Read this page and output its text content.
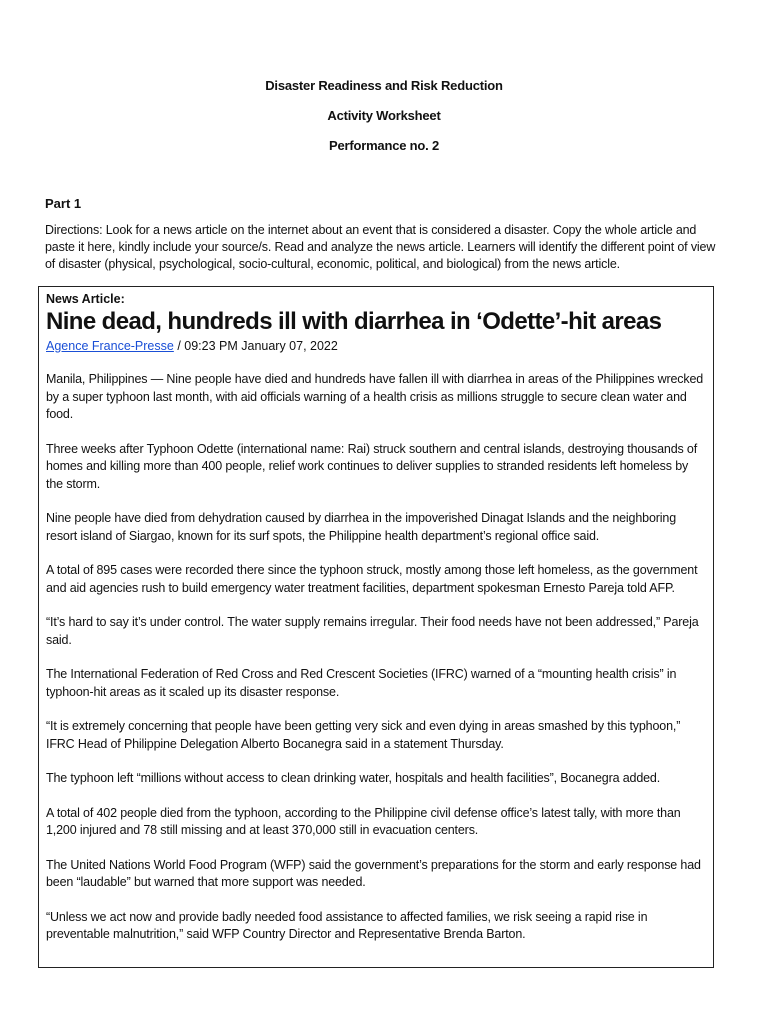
Disaster Readiness and Risk Reduction
Activity Worksheet
Performance no. 2
Part 1
Directions: Look for a news article on the internet about an event that is considered a disaster. Copy the whole article and paste it here, kindly include your source/s. Read and analyze the news article. Learners will identify the different point of view of disaster (physical, psychological, socio-cultural, economic, political, and biological) from the news article.
News Article:
Nine dead, hundreds ill with diarrhea in ‘Odette’-hit areas
Agence France-Presse / 09:23 PM January 07, 2022

Manila, Philippines — Nine people have died and hundreds have fallen ill with diarrhea in areas of the Philippines wrecked by a super typhoon last month, with aid officials warning of a health crisis as millions struggle to secure clean water and food.

Three weeks after Typhoon Odette (international name: Rai) struck southern and central islands, destroying thousands of homes and killing more than 400 people, relief work continues to deliver supplies to stranded residents left homeless by the storm.

Nine people have died from dehydration caused by diarrhea in the impoverished Dinagat Islands and the neighboring resort island of Siargao, known for its surf spots, the Philippine health department’s regional office said.

A total of 895 cases were recorded there since the typhoon struck, mostly among those left homeless, as the government and aid agencies rush to build emergency water treatment facilities, department spokesman Ernesto Pareja told AFP.

“It’s hard to say it’s under control. The water supply remains irregular. Their food needs have not been addressed,” Pareja said.

The International Federation of Red Cross and Red Crescent Societies (IFRC) warned of a “mounting health crisis” in typhoon-hit areas as it scaled up its disaster response.

“It is extremely concerning that people have been getting very sick and even dying in areas smashed by this typhoon,” IFRC Head of Philippine Delegation Alberto Bocanegra said in a statement Thursday.

The typhoon left “millions without access to clean drinking water, hospitals and health facilities”, Bocanegra added.

A total of 402 people died from the typhoon, according to the Philippine civil defense office’s latest tally, with more than 1,200 injured and 78 still missing and at least 370,000 still in evacuation centers.

The United Nations World Food Program (WFP) said the government’s preparations for the storm and early response had been “laudable” but warned that more support was needed.

“Unless we act now and provide badly needed food assistance to affected families, we risk seeing a rapid rise in preventable malnutrition,” said WFP Country Director and Representative Brenda Barton.
